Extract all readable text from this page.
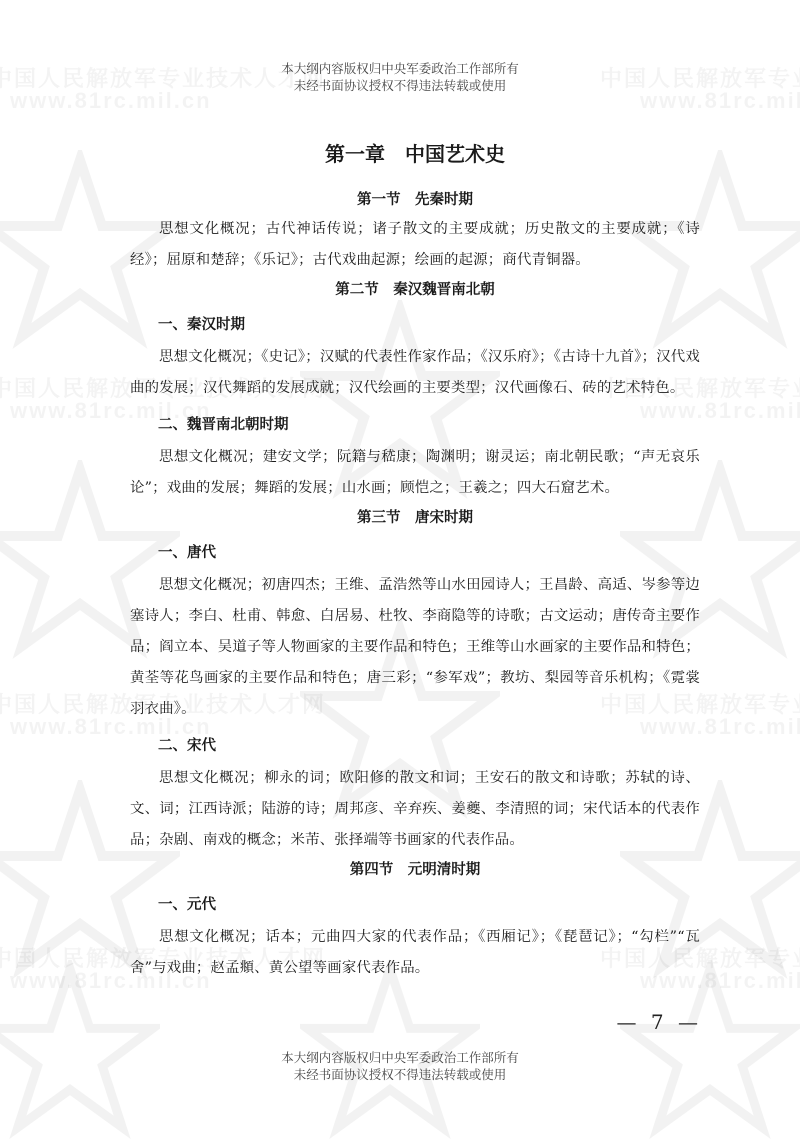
本大纲内容版权归中央军委政治工作部所有
未经书面协议授权不得违法转载或使用
第一章　中国艺术史
第一节　先秦时期

思想文化概况；古代神话传说；诸子散文的主要成就；历史散文的主要成就；《诗经》；屈原和楚辞；《乐记》；古代戏曲起源；绘画的起源；商代青铜器。

第二节　秦汉魏晋南北朝
一、秦汉时期

思想文化概况；《史记》；汉赋的代表性作家作品；《汉乐府》；《古诗十九首》；汉代戏曲的发展；汉代舞蹈的发展成就；汉代绘画的主要类型；汉代画像石、砖的艺术特色。

二、魏晋南北朝时期

思想文化概况；建安文学；阮籍与嵇康；陶渊明；谢灵运；南北朝民歌；“声无哀乐论”；戏曲的发展；舞蹈的发展；山水画；顾恺之；王羲之；四大石窟艺术。

第三节　唐宋时期
一、唐代

思想文化概况；初唐四杰；王维、孟浩然等山水田园诗人；王昌龄、高适、岑参等边塞诗人；李白、杜甫、韩愈、白居易、杜牧、李商隐等的诗歌；古文运动；唐传奇主要作品；阎立本、吴道子等人物画家的主要作品和特色；王维等山水画家的主要作品和特色；黄荃等花鸟画家的主要作品和特色；唐三彩；“参军戏”；教坊、梨园等音乐机构；《霓裳羽衣曲》。

二、宋代

思想文化概况；柳永的词；欧阳修的散文和词；王安石的散文和诗歌；苏轼的诗、文、词；江西诗派；陆游的诗；周邦彦、辛弃疾、姜夔、李清照的词；宋代话本的代表作品；杂剧、南戏的概念；米芾、张择端等书画家的代表作品。

第四节　元明清时期
一、元代

思想文化概况；话本；元曲四大家的代表作品；《西厢记》；《琵琶记》；“勾栏”“瓦舍”与戏曲；赵孟頫、黄公望等画家代表作品。

— 7 —
本大纲内容版权归中央军委政治工作部所有
未经书面协议授权不得违法转载或使用
